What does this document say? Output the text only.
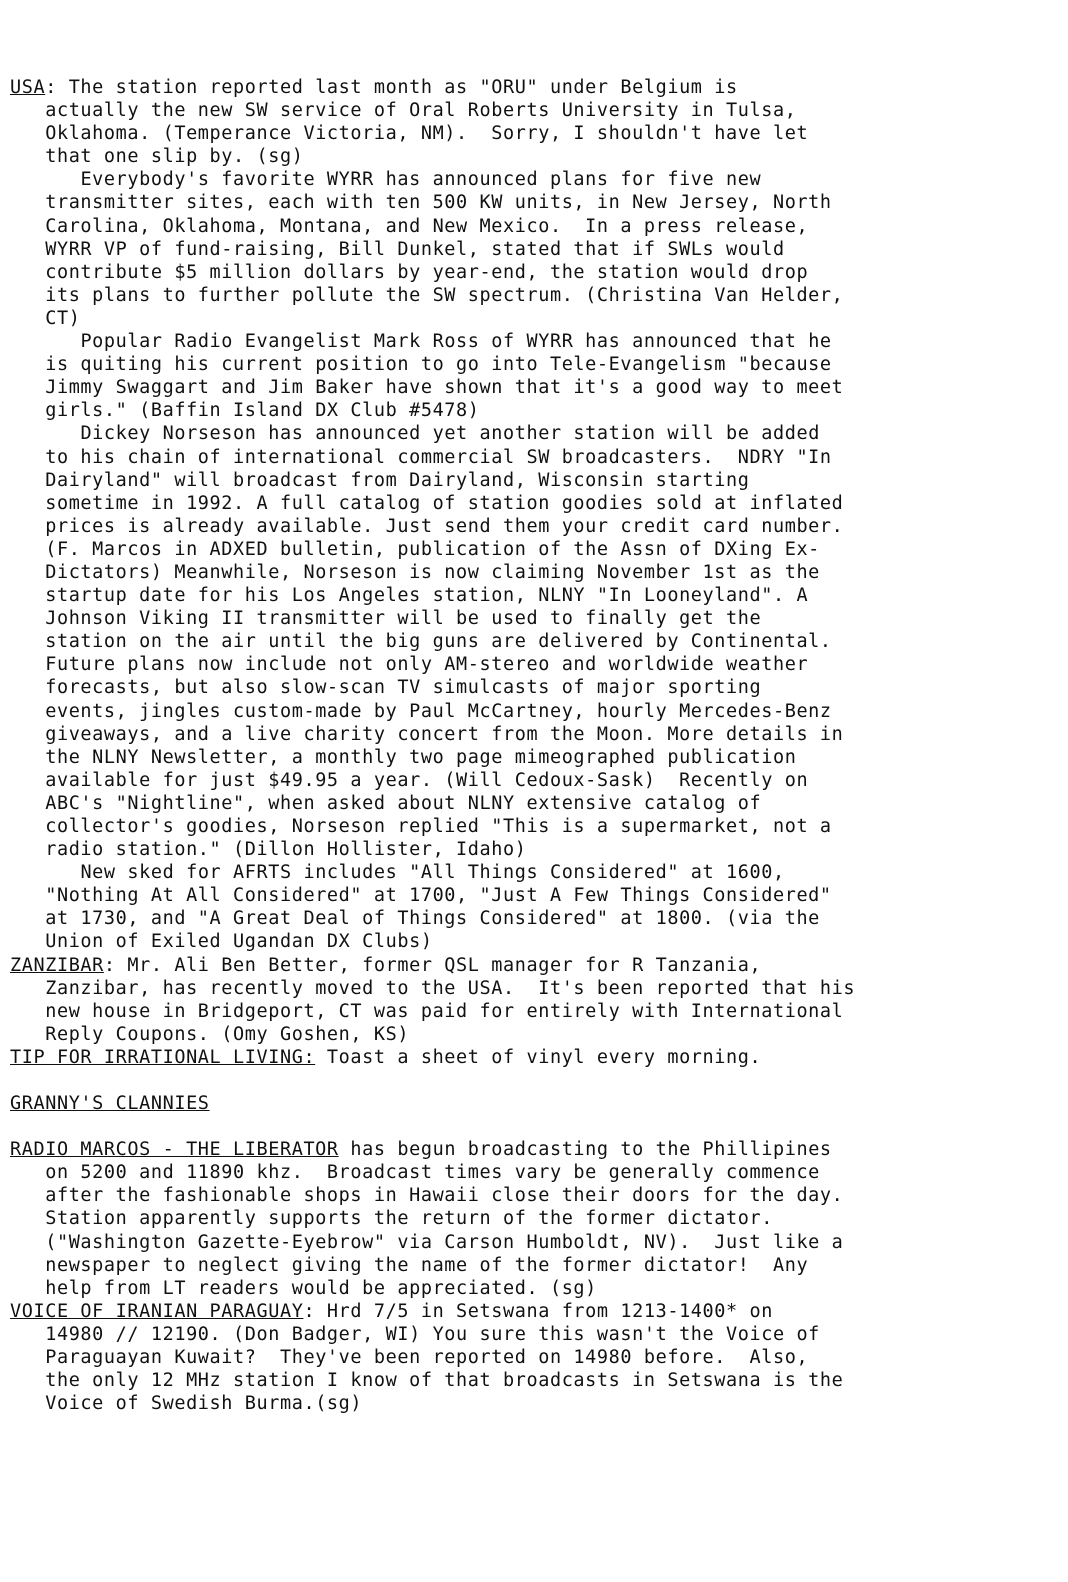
USA: The station reported last month as "ORU" under Belgium is
actually the new SW service of Oral Roberts University in Tulsa,
Oklahoma. (Temperance Victoria, NM).  Sorry, I shouldn't have let
that one slip by. (sg)

Everybody's favorite WYRR has announced plans for five new
transmitter sites, each with ten 500 KW units, in New Jersey, North
Carolina, Oklahoma, Montana, and New Mexico.  In a press release,
WYRR VP of fund-raising, Bill Dunkel, stated that if SWLs would
contribute $5 million dollars by year-end, the station would drop
its plans to further pollute the SW spectrum. (Christina Van Helder,
CT)

Popular Radio Evangelist Mark Ross of WYRR has announced that he
is quiting his current position to go into Tele-Evangelism "because
Jimmy Swaggart and Jim Baker have shown that it's a good way to meet
girls." (Baffin Island DX Club #5478)

Dickey Norseson has announced yet another station will be added
to his chain of international commercial SW broadcasters.  NDRY "In
Dairyland" will broadcast from Dairyland, Wisconsin starting
sometime in 1992. A full catalog of station goodies sold at inflated
prices is already available. Just send them your credit card number.
(F. Marcos in ADXED bulletin, publication of the Assn of DXing Ex-
Dictators) Meanwhile, Norseson is now claiming November 1st as the
startup date for his Los Angeles station, NLNY "In Looneyland". A
Johnson Viking II transmitter will be used to finally get the
station on the air until the big guns are delivered by Continental.
Future plans now include not only AM-stereo and worldwide weather
forecasts, but also slow-scan TV simulcasts of major sporting
events, jingles custom-made by Paul McCartney, hourly Mercedes-Benz
giveaways, and a live charity concert from the Moon. More details in
the NLNY Newsletter, a monthly two page mimeographed publication
available for just $49.95 a year. (Will Cedoux-Sask)  Recently on
ABC's "Nightline", when asked about NLNY extensive catalog of
collector's goodies, Norseson replied "This is a supermarket, not a
radio station." (Dillon Hollister, Idaho)

New sked for AFRTS includes "All Things Considered" at 1600,
"Nothing At All Considered" at 1700, "Just A Few Things Considered"
at 1730, and "A Great Deal of Things Considered" at 1800. (via the
Union of Exiled Ugandan DX Clubs)

ZANZIBAR: Mr. Ali Ben Better, former QSL manager for R Tanzania,
Zanzibar, has recently moved to the USA.  It's been reported that his
new house in Bridgeport, CT was paid for entirely with International
Reply Coupons. (Omy Goshen, KS)

TIP FOR IRRATIONAL LIVING: Toast a sheet of vinyl every morning.

GRANNY'S CLANNIES

RADIO MARCOS - THE LIBERATOR has begun broadcasting to the Phillipines
on 5200 and 11890 khz.  Broadcast times vary be generally commence
after the fashionable shops in Hawaii close their doors for the day.
Station apparently supports the return of the former dictator.
("Washington Gazette-Eyebrow" via Carson Humboldt, NV).  Just like a
newspaper to neglect giving the name of the former dictator!  Any
help from LT readers would be appreciated. (sg)

VOICE OF IRANIAN PARAGUAY: Hrd 7/5 in Setswana from 1213-1400* on
14980 // 12190. (Don Badger, WI) You sure this wasn't the Voice of
Paraguayan Kuwait?  They've been reported on 14980 before.  Also,
the only 12 MHz station I know of that broadcasts in Setswana is the
Voice of Swedish Burma.(sg)
